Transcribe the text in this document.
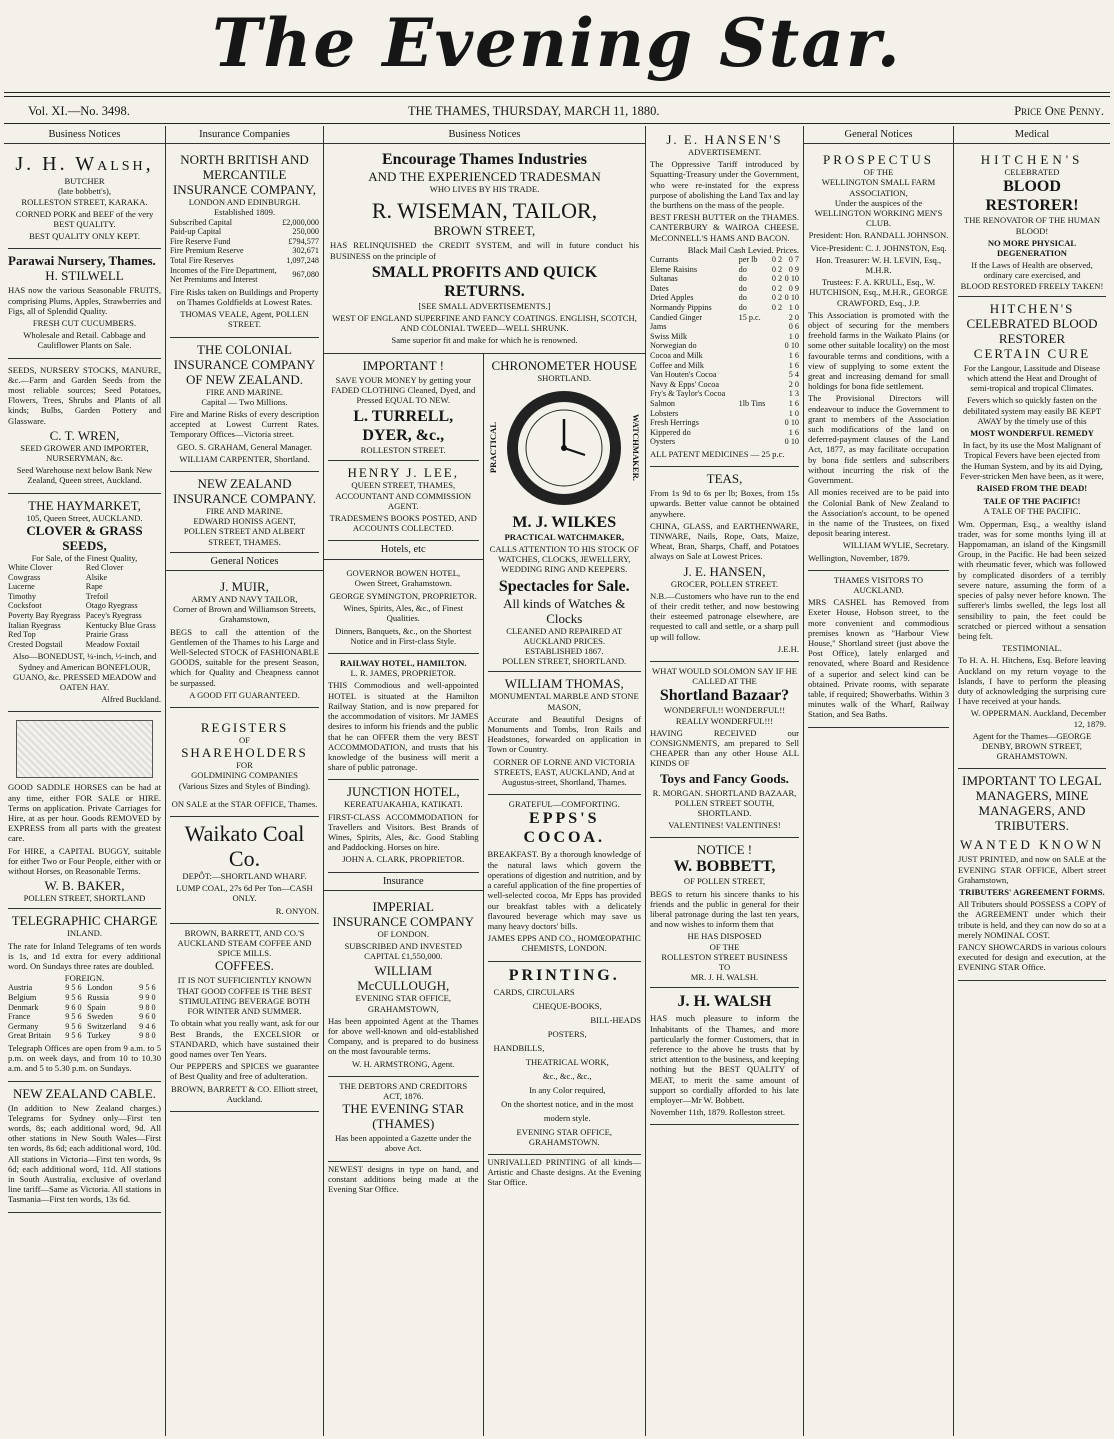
The Evening Star.
Vol. XI.—No. 3498.	THE THAMES, THURSDAY, MARCH 11, 1880.	Price One Penny.
Business Notices
J. H. Walsh,
BUTCHER
(late bobbett's),
ROLLESTON STREET, KARAKA.

CORNED PORK and BEEF of the very BEST QUALITY.

BEST QUALITY ONLY KEPT.

Parawai Nursery, Thames.
H. STILWELL

HAS now the various Seasonable FRUITS, comprising Plums, Apples, Strawberries and Figs, all of Splendid Quality.

FRESH CUT CUCUMBERS.

Wholesale and Retail. Cabbage and Cauliflower Plants on Sale.

SEEDS, NURSERY STOCKS, MANURE, &c.—Farm and Garden Seeds from the most reliable sources; Seed Potatoes, Flowers, Trees, Shrubs and Plants of all kinds; Bulbs, Garden Pottery and Glassware.

C. T. WREN,
SEED GROWER AND IMPORTER, NURSERYMAN, &c.

Seed Warehouse next below Bank New Zealand, Queen street, Auckland.

THE HAYMARKET,
105, Queen Street, AUCKLAND.
CLOVER & GRASS SEEDS,
For Sale, of the Finest Quality,
White Clover	Red Clover
Cowgrass	Alsike
Lucerne	Rape
Timothy	Trefoil
Cocksfoot	Otago Ryegrass
Poverty Bay Ryegrass	Pacey's Ryegrass
Italian Ryegrass	Kentucky Blue Grass
Red Top	Prairie Grass
Crested Dogstail	Meadow Foxtail

Also—BONEDUST, ¼-inch, ½-inch, and Sydney and American BONEFLOUR, GUANO, &c. PRESSED MEADOW and OATEN HAY.

Alfred Buckland.

GOOD SADDLE HORSES can be had at any time, either FOR SALE or HIRE. Terms on application. Private Carriages for Hire, at as per hour. Goods REMOVED by EXPRESS from all parts with the greatest care.

For HIRE, a CAPITAL BUGGY, suitable for either Two or Four People, either with or without Horses, on Reasonable Terms.

W. B. BAKER,
POLLEN STREET, SHORTLAND
TELEGRAPHIC CHARGE
INLAND.

The rate for Inland Telegrams of ten words is 1s, and 1d extra for every additional word. On Sundays three rates are doubled.

FOREIGN.
Austria	9 5 6	London	9 5 6
Belgium	9 5 6	Russia	9 9 0
Denmark	9 6 0	Spain	9 8 0
France	9 5 6	Sweden	9 6 0
Germany	9 5 6	Switzerland	9 4 6
Great Britain	9 5 6	Turkey	9 8 0

Telegraph Offices are open from 9 a.m. to 5 p.m. on week days, and from 10 to 10.30 a.m. and 5 to 5.30 p.m. on Sundays.

NEW ZEALAND CABLE.

(In addition to New Zealand charges.) Telegrams for Sydney only—First ten words, 8s; each additional word, 9d. All other stations in New South Wales—First ten words, 8s 6d; each additional word, 10d. All stations in Victoria—First ten words, 9s 6d; each additional word, 11d. All stations in South Australia, exclusive of overland line tariff—Same as Victoria. All stations in Tasmania—First ten words, 13s 6d.

Insurance Companies
NORTH BRITISH AND MERCANTILE INSURANCE COMPANY,
LONDON AND EDINBURGH.
Established 1809.
Subscribed Capital	£2,000,000
Paid-up Capital	250,000
Fire Reserve Fund	£794,577
Fire Premium Reserve	302,671
Total Fire Reserves	1,097,248
Incomes of the Fire Department, Net Premiums and Interest	967,080

Fire Risks taken on Buildings and Property on Thames Goldfields at Lowest Rates.

THOMAS VEALE, Agent, POLLEN STREET.

THE COLONIAL INSURANCE COMPANY OF NEW ZEALAND.
FIRE AND MARINE.
Capital — Two Millions.

Fire and Marine Risks of every description accepted at Lowest Current Rates. Temporary Offices—Victoria street.

GEO. S. GRAHAM, General Manager.

WILLIAM CARPENTER, Shortland.

NEW ZEALAND INSURANCE COMPANY.
FIRE AND MARINE.
EDWARD HONISS AGENT,
POLLEN STREET AND ALBERT STREET, THAMES.
General Notices
J. MUIR,
ARMY AND NAVY TAILOR,
Corner of Brown and Williamson Streets, Grahamstown,

BEGS to call the attention of the Gentlemen of the Thames to his Large and Well-Selected STOCK of FASHIONABLE GOODS, suitable for the present Season, which for Quality and Cheapness cannot be surpassed.

A GOOD FIT GUARANTEED.

REGISTERS
OF
SHAREHOLDERS
FOR
GOLDMINING COMPANIES
(Various Sizes and Styles of Binding).

ON SALE at the STAR OFFICE, Thames.

Waikato Coal Co.
DEPÔT:—SHORTLAND WHARF.

LUMP COAL, 27s 6d Per Ton—CASH ONLY.

R. ONYON.

BROWN, BARRETT, AND CO.'S
AUCKLAND STEAM COFFEE AND SPICE MILLS.
COFFEES.

IT IS NOT SUFFICIENTLY KNOWN THAT GOOD COFFEE IS THE BEST STIMULATING BEVERAGE BOTH FOR WINTER AND SUMMER.

To obtain what you really want, ask for our Best Brands, the EXCELSIOR or STANDARD, which have sustained their good names over Ten Years.

Our PEPPERS and SPICES we guarantee of Best Quality and free of adulteration.

BROWN, BARRETT & CO. Elliott street, Auckland.

Business Notices
Encourage Thames Industries
AND THE EXPERIENCED TRADESMAN
WHO LIVES BY HIS TRADE.
R. WISEMAN, TAILOR,
BROWN STREET,

HAS RELINQUISHED the CREDIT SYSTEM, and will in future conduct his BUSINESS on the principle of

SMALL PROFITS AND QUICK RETURNS.
[SEE SMALL ADVERTISEMENTS.]

WEST OF ENGLAND SUPERFINE AND FANCY COATINGS. ENGLISH, SCOTCH, AND COLONIAL TWEED—WELL SHRUNK.

Same superior fit and make for which he is renowned.

IMPORTANT !

SAVE YOUR MONEY by getting your FADED CLOTHING Cleaned, Dyed, and Pressed EQUAL TO NEW.

L. TURRELL, DYER, &c.,
ROLLESTON STREET.
HENRY J. LEE,
QUEEN STREET, THAMES,
ACCOUNTANT AND COMMISSION AGENT.

TRADESMEN'S BOOKS POSTED, AND ACCOUNTS COLLECTED.

Hotels, etc
GOVERNOR BOWEN HOTEL,
Owen Street, Grahamstown.
GEORGE SYMINGTON, PROPRIETOR.

Wines, Spirits, Ales, &c., of Finest Qualities.

Dinners, Banquets, &c., on the Shortest Notice and in First-class Style.

RAILWAY HOTEL, HAMILTON.
L. R. JAMES, PROPRIETOR.

THIS Commodious and well-appointed HOTEL is situated at the Hamilton Railway Station, and is now prepared for the accommodation of visitors. Mr JAMES desires to inform his friends and the public that he can OFFER them the very BEST ACCOMMODATION, and trusts that his knowledge of the business will merit a share of public patronage.

JUNCTION HOTEL,
KEREATUAKAHIA, KATIKATI.

FIRST-CLASS ACCOMMODATION for Travellers and Visitors. Best Brands of Wines, Spirits, Ales, &c. Good Stabling and Paddocking. Horses on hire.

JOHN A. CLARK, PROPRIETOR.

Insurance
IMPERIAL
INSURANCE COMPANY
OF LONDON.

SUBSCRIBED AND INVESTED CAPITAL £1,550,000.

WILLIAM McCULLOUGH,
EVENING STAR OFFICE,
GRAHAMSTOWN,

Has been appointed Agent at the Thames for above well-known and old-established Company, and is prepared to do business on the most favourable terms.

W. H. ARMSTRONG, Agent.

THE DEBTORS AND CREDITORS
ACT, 1876.
THE EVENING STAR (THAMES)

Has been appointed a Gazette under the above Act.

NEWEST designs in type on hand, and constant additions being made at the Evening Star Office.

CHRONOMETER HOUSE
SHORTLAND.
PRACTICAL	WATCHMAKER.
M. J. WILKES
PRACTICAL WATCHMAKER,

CALLS ATTENTION TO HIS STOCK OF WATCHES, CLOCKS, JEWELLERY, WEDDING RING AND KEEPERS.

Spectacles for Sale.
All kinds of Watches & Clocks
CLEANED AND REPAIRED AT AUCKLAND PRICES.
ESTABLISHED 1867.
POLLEN STREET, SHORTLAND.
WILLIAM THOMAS,
MONUMENTAL MARBLE AND STONE MASON,

Accurate and Beautiful Designs of Monuments and Tombs, Iron Rails and Headstones, forwarded on application in Town or Country.

CORNER OF LORNE AND VICTORIA STREETS, EAST, AUCKLAND, And at Augustus-street, Shortland, Thames.

GRATEFUL—COMFORTING.
EPPS'S
COCOA.

BREAKFAST. By a thorough knowledge of the natural laws which govern the operations of digestion and nutrition, and by a careful application of the fine properties of well-selected cocoa, Mr Epps has provided our breakfast tables with a delicately flavoured beverage which may save us many heavy doctors' bills.

JAMES EPPS AND CO., HOMŒOPATHIC CHEMISTS, LONDON.

PRINTING.
CARDS, CIRCULARS
CHEQUE-BOOKS,
BILL-HEADS
POSTERS,
HANDBILLS,
THEATRICAL WORK,
&c., &c., &c.,
In any Color required,
On the shortest notice, and in the most modern style.

EVENING STAR OFFICE, GRAHAMSTOWN.

UNRIVALLED PRINTING of all kinds—Artistic and Chaste designs. At the Evening Star Office.

J. E. HANSEN'S
ADVERTISEMENT.

The Oppressive Tariff introduced by Squatting-Treasury under the Government, who were re-instated for the express purpose of abolishing the Land Tax and lay the burthens on the mass of the people.

BEST FRESH BUTTER on the THAMES. CANTERBURY & WAIROA CHEESE. McCONNELL'S HAMS AND BACON.

Black Mail Cash Levied. Prices.
Currants	per lb	0 2	0 7
Eleme Raisins	do	0 2	0 9
Sultanas	do	0 2	0 10
Dates	do	0 2	0 9
Dried Apples	do	0 2	0 10
Normandy Pippins	do	0 2	1 0
Candied Ginger	15 p.c.		2 0
Jams			0 6
Swiss Milk			1 0
Norwegian do			0 10
Cocoa and Milk			1 6
Coffee and Milk			1 6
Van Houten's Cocoa			5 4
Navy & Epps' Cocoa			2 0
Fry's & Taylor's Cocoa			1 3
Salmon	1lb Tins		1 6
Lobsters			1 0
Fresh Herrings			0 10
Kippered do			1 6
Oysters			0 10

ALL PATENT MEDICINES — 25 p.c.

TEAS,

From 1s 9d to 6s per lb; Boxes, from 15s upwards. Better value cannot be obtained anywhere.

CHINA, GLASS, and EARTHENWARE, TINWARE, Nails, Rope, Oats, Maize, Wheat, Bran, Sharps, Chaff, and Potatoes always on Sale at Lowest Prices.

J. E. HANSEN,
GROCER, POLLEN STREET.

N.B.—Customers who have run to the end of their credit tether, and now bestowing their esteemed patronage elsewhere, are requested to call and settle, or a sharp pull up will follow.

J.E.H.

WHAT WOULD SOLOMON SAY IF HE CALLED AT THE
Shortland Bazaar?
WONDERFUL!! WONDERFUL!! REALLY WONDERFUL!!!

HAVING RECEIVED our CONSIGNMENTS, am prepared to Sell CHEAPER than any other House ALL KINDS OF

Toys and Fancy Goods.

R. MORGAN. SHORTLAND BAZAAR, POLLEN STREET SOUTH, SHORTLAND.

VALENTINES! VALENTINES!

NOTICE !
W. BOBBETT,
OF POLLEN STREET,

BEGS to return his sincere thanks to his friends and the public in general for their liberal patronage during the last ten years, and now wishes to inform them that

HE HAS DISPOSED
OF THE
ROLLESTON STREET BUSINESS
TO
MR. J. H. WALSH.
J. H. WALSH

HAS much pleasure to inform the Inhabitants of the Thames, and more particularly the former Customers, that in reference to the above he trusts that by strict attention to the business, and keeping nothing but the BEST QUALITY of MEAT, to merit the same amount of support so cordially afforded to his late employer—Mr W. Bobbett.

November 11th, 1879. Rolleston street.

General Notices
PROSPECTUS
OF THE
WELLINGTON SMALL FARM ASSOCIATION,
Under the auspices of the
WELLINGTON WORKING MEN'S CLUB.

President: Hon. RANDALL JOHNSON.

Vice-President: C. J. JOHNSTON, Esq.

Hon. Treasurer: W. H. LEVIN, Esq., M.H.R.

Trustees: F. A. KRULL, Esq., W. HUTCHISON, Esq., M.H.R., GEORGE CRAWFORD, Esq., J.P.

This Association is promoted with the object of securing for the members freehold farms in the Waikato Plains (or some other suitable locality) on the most favourable terms and conditions, with a view of supplying to some extent the great and increasing demand for small holdings for bona fide settlement.

The Provisional Directors will endeavour to induce the Government to grant to members of the Association such modifications of the land on deferred-payment clauses of the Land Act, 1877, as may facilitate occupation by bona fide settlers and subscribers without incurring the risk of the Government.

All monies received are to be paid into the Colonial Bank of New Zealand to the Association's account, to be opened in the name of the Trustees, on fixed deposit bearing interest.

WILLIAM WYLIE, Secretary.

Wellington, November, 1879.

THAMES VISITORS TO AUCKLAND.

MRS CASHEL has Removed from Exeter House, Hobson street, to the more convenient and commodious premises known as "Harbour View House," Shortland street (just above the Post Office), lately enlarged and renovated, where Board and Residence of a superior and select kind can be obtained. Private rooms, with separate table, if required; Showerbaths. Within 3 minutes walk of the Wharf, Railway Station, and Sea Baths.

Medical
HITCHEN'S
CELEBRATED
BLOOD RESTORER!
THE RENOVATOR OF THE HUMAN BLOOD!

NO MORE PHYSICAL DEGENERATION

If the Laws of Health are observed, ordinary care exercised, and
BLOOD RESTORED FREELY TAKEN!
HITCHEN'S
CELEBRATED BLOOD RESTORER
CERTAIN CURE

For the Langour, Lassitude and Disease which attend the Heat and Drought of semi-tropical and tropical Climates.

Fevers which so quickly fasten on the debilitated system may easily BE KEPT AWAY by the timely use of this

MOST WONDERFUL REMEDY

In fact, by its use the Most Malignant of Tropical Fevers have been ejected from the Human System, and by its aid Dying, Fever-stricken Men have been, as it were,

RAISED FROM THE DEAD!
TALE OF THE PACIFIC!
A TALE OF THE PACIFIC.

Wm. Opperman, Esq., a wealthy island trader, was for some months lying ill at Happomaman, an island of the Kingsmill Group, in the Pacific. He had been seized with rheumatic fever, which was followed by complicated disorders of a terribly severe nature, assuming the form of a species of palsy never before known. The sufferer's limbs swelled, the legs lost all sensibility to pain, the feet could be scratched or pierced without a sensation being felt.

TESTIMONIAL.

To H. A. H. Hitchens, Esq. Before leaving Auckland on my return voyage to the Islands, I have to perform the pleasing duty of acknowledging the surprising cure I have received at your hands.

W. OPPERMAN. Auckland, December 12, 1879.

Agent for the Thames—GEORGE DENBY, BROWN STREET, GRAHAMSTOWN.

IMPORTANT TO LEGAL MANAGERS, MINE MANAGERS, AND TRIBUTERS.
WANTED KNOWN

JUST PRINTED, and now on SALE at the EVENING STAR OFFICE, Albert street Grahamstown,

TRIBUTERS' AGREEMENT FORMS.

All Tributers should POSSESS a COPY of the AGREEMENT under which their tribute is held, and they can now do so at a merely NOMINAL COST.

FANCY SHOWCARDS in various colours executed for design and execution, at the EVENING STAR Office.
